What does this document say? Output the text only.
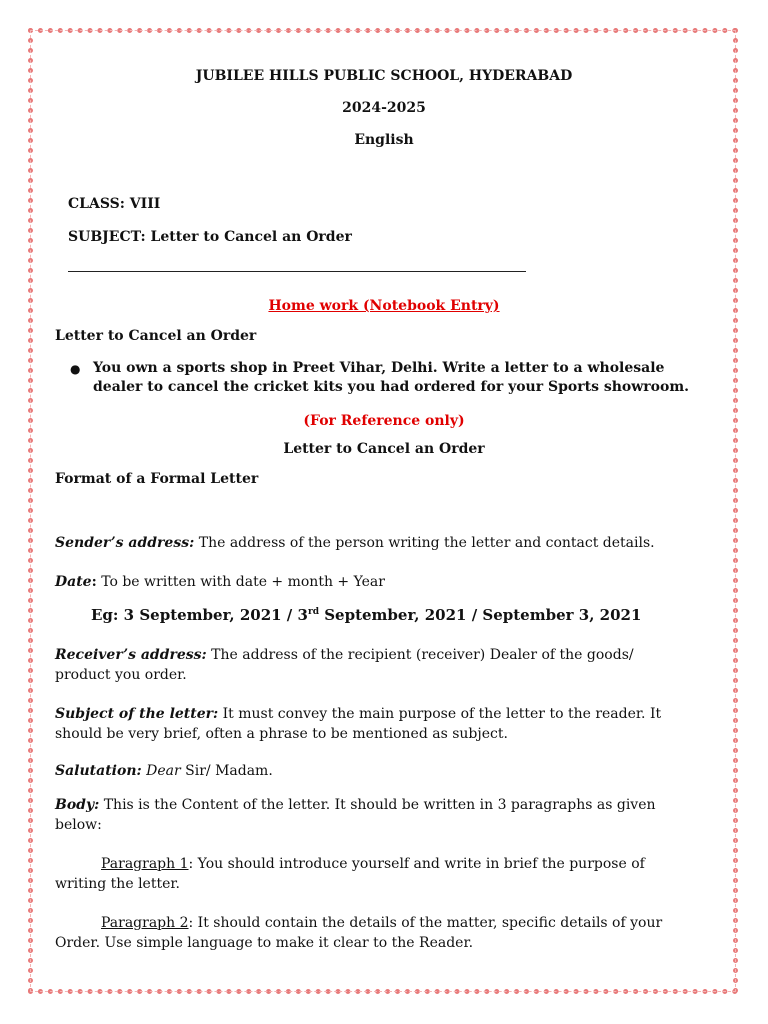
JUBILEE HILLS PUBLIC SCHOOL, HYDERABAD
2024-2025
English
CLASS: VIII
SUBJECT: Letter to Cancel an Order
Home work (Notebook Entry)
Letter to Cancel an Order
● You own a sports shop in Preet Vihar, Delhi. Write a letter to a wholesale
dealer to cancel the cricket kits you had ordered for your Sports showroom.
(For Reference only)
Letter to Cancel an Order
Format of a Formal Letter
Sender’s address: The address of the person writing the letter and contact details.
Date: To be written with date + month + Year
Eg: 3 September, 2021 / 3rd September, 2021 / September 3, 2021
Receiver’s address: The address of the recipient (receiver) Dealer of the goods/
product you order.
Subject of the letter: It must convey the main purpose of the letter to the reader. It
should be very brief, often a phrase to be mentioned as subject.
Salutation: Dear Sir/ Madam.
Body: This is the Content of the letter. It should be written in 3 paragraphs as given
below:
Paragraph 1: You should introduce yourself and write in brief the purpose of
writing the letter.
Paragraph 2: It should contain the details of the matter, specific details of your
Order. Use simple language to make it clear to the Reader.
